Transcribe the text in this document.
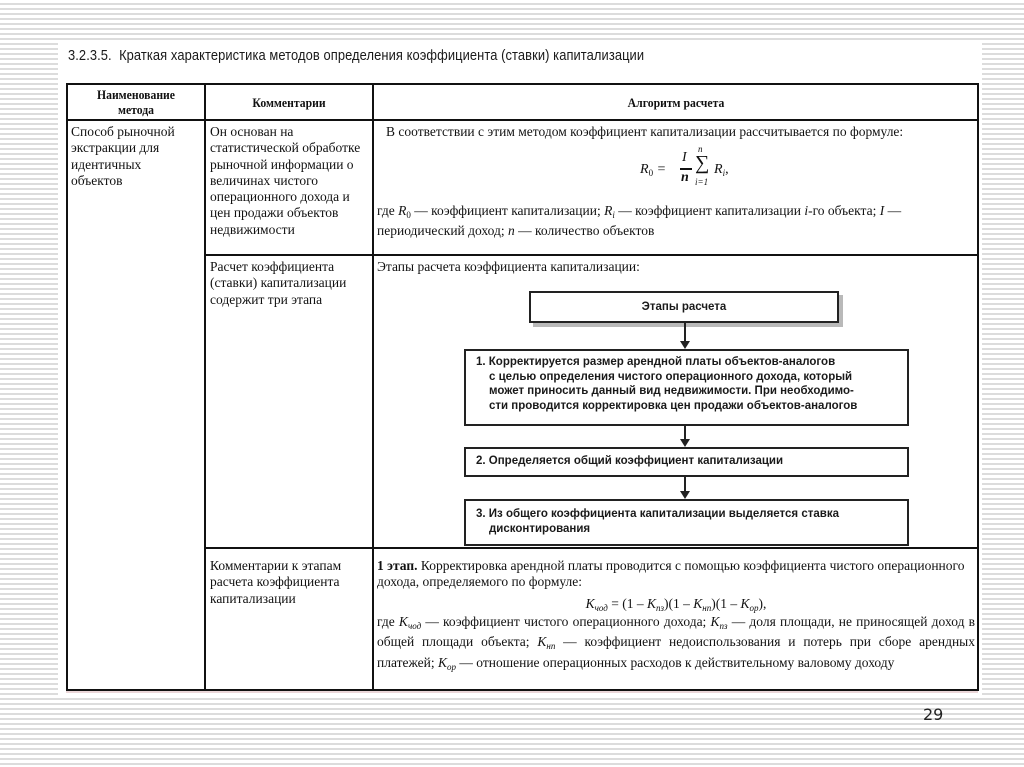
3.2.3.5. Краткая характеристика методов определения коэффициента (ставки) капитализации
Наименование
метода	Комментарии	Алгоритм расчета
Способ рыночной экстракции для идентичных объектов
Он основан на статистической обработке рыночной информации о величинах чистого операционного дохода и цен продажи объектов недвижимости
В соответствии с этим методом коэффициент капитализации рассчитывается по формуле:
$R_0$ =
I
n
n
∑
i=1
$R_i$,
где $R_0$ — коэффициент капитализации; $R_i$ — коэффициент капитализации i-го объекта; I — периодический доход; n — количество объектов
Расчет коэффициента (ставки) капитализации содержит три этапа
Этапы расчета коэффициента капитализации:
Этапы расчета
1. Корректируется размер арендной платы объектов-аналогов
с целью определения чистого операционного дохода, который
может приносить данный вид недвижимости. При необходимо-
сти проводится корректировка цен продажи объектов-аналогов
2. Определяется общий коэффициент капитализации
3. Из общего коэффициента капитализации выделяется ставка
дисконтирования
Комментарии к этапам расчета коэффициента капитализации
1 этап. Корректировка арендной платы проводится с помощью коэффициента чистого операционного дохода, определяемого по формуле:
$K_{чод} = (1 - K_{пз})(1 - K_{нп})(1 - K_{ор})$,
где $K_{чод}$ — коэффициент чистого операционного дохода; $K_{пз}$ — доля площади, не приносящей доход в общей площади объекта; $K_{нп}$ — коэффициент недоиспользования и потерь при сборе арендных платежей; $K_{ор}$ — отношение операционных расходов к действительному валовому доходу
29
